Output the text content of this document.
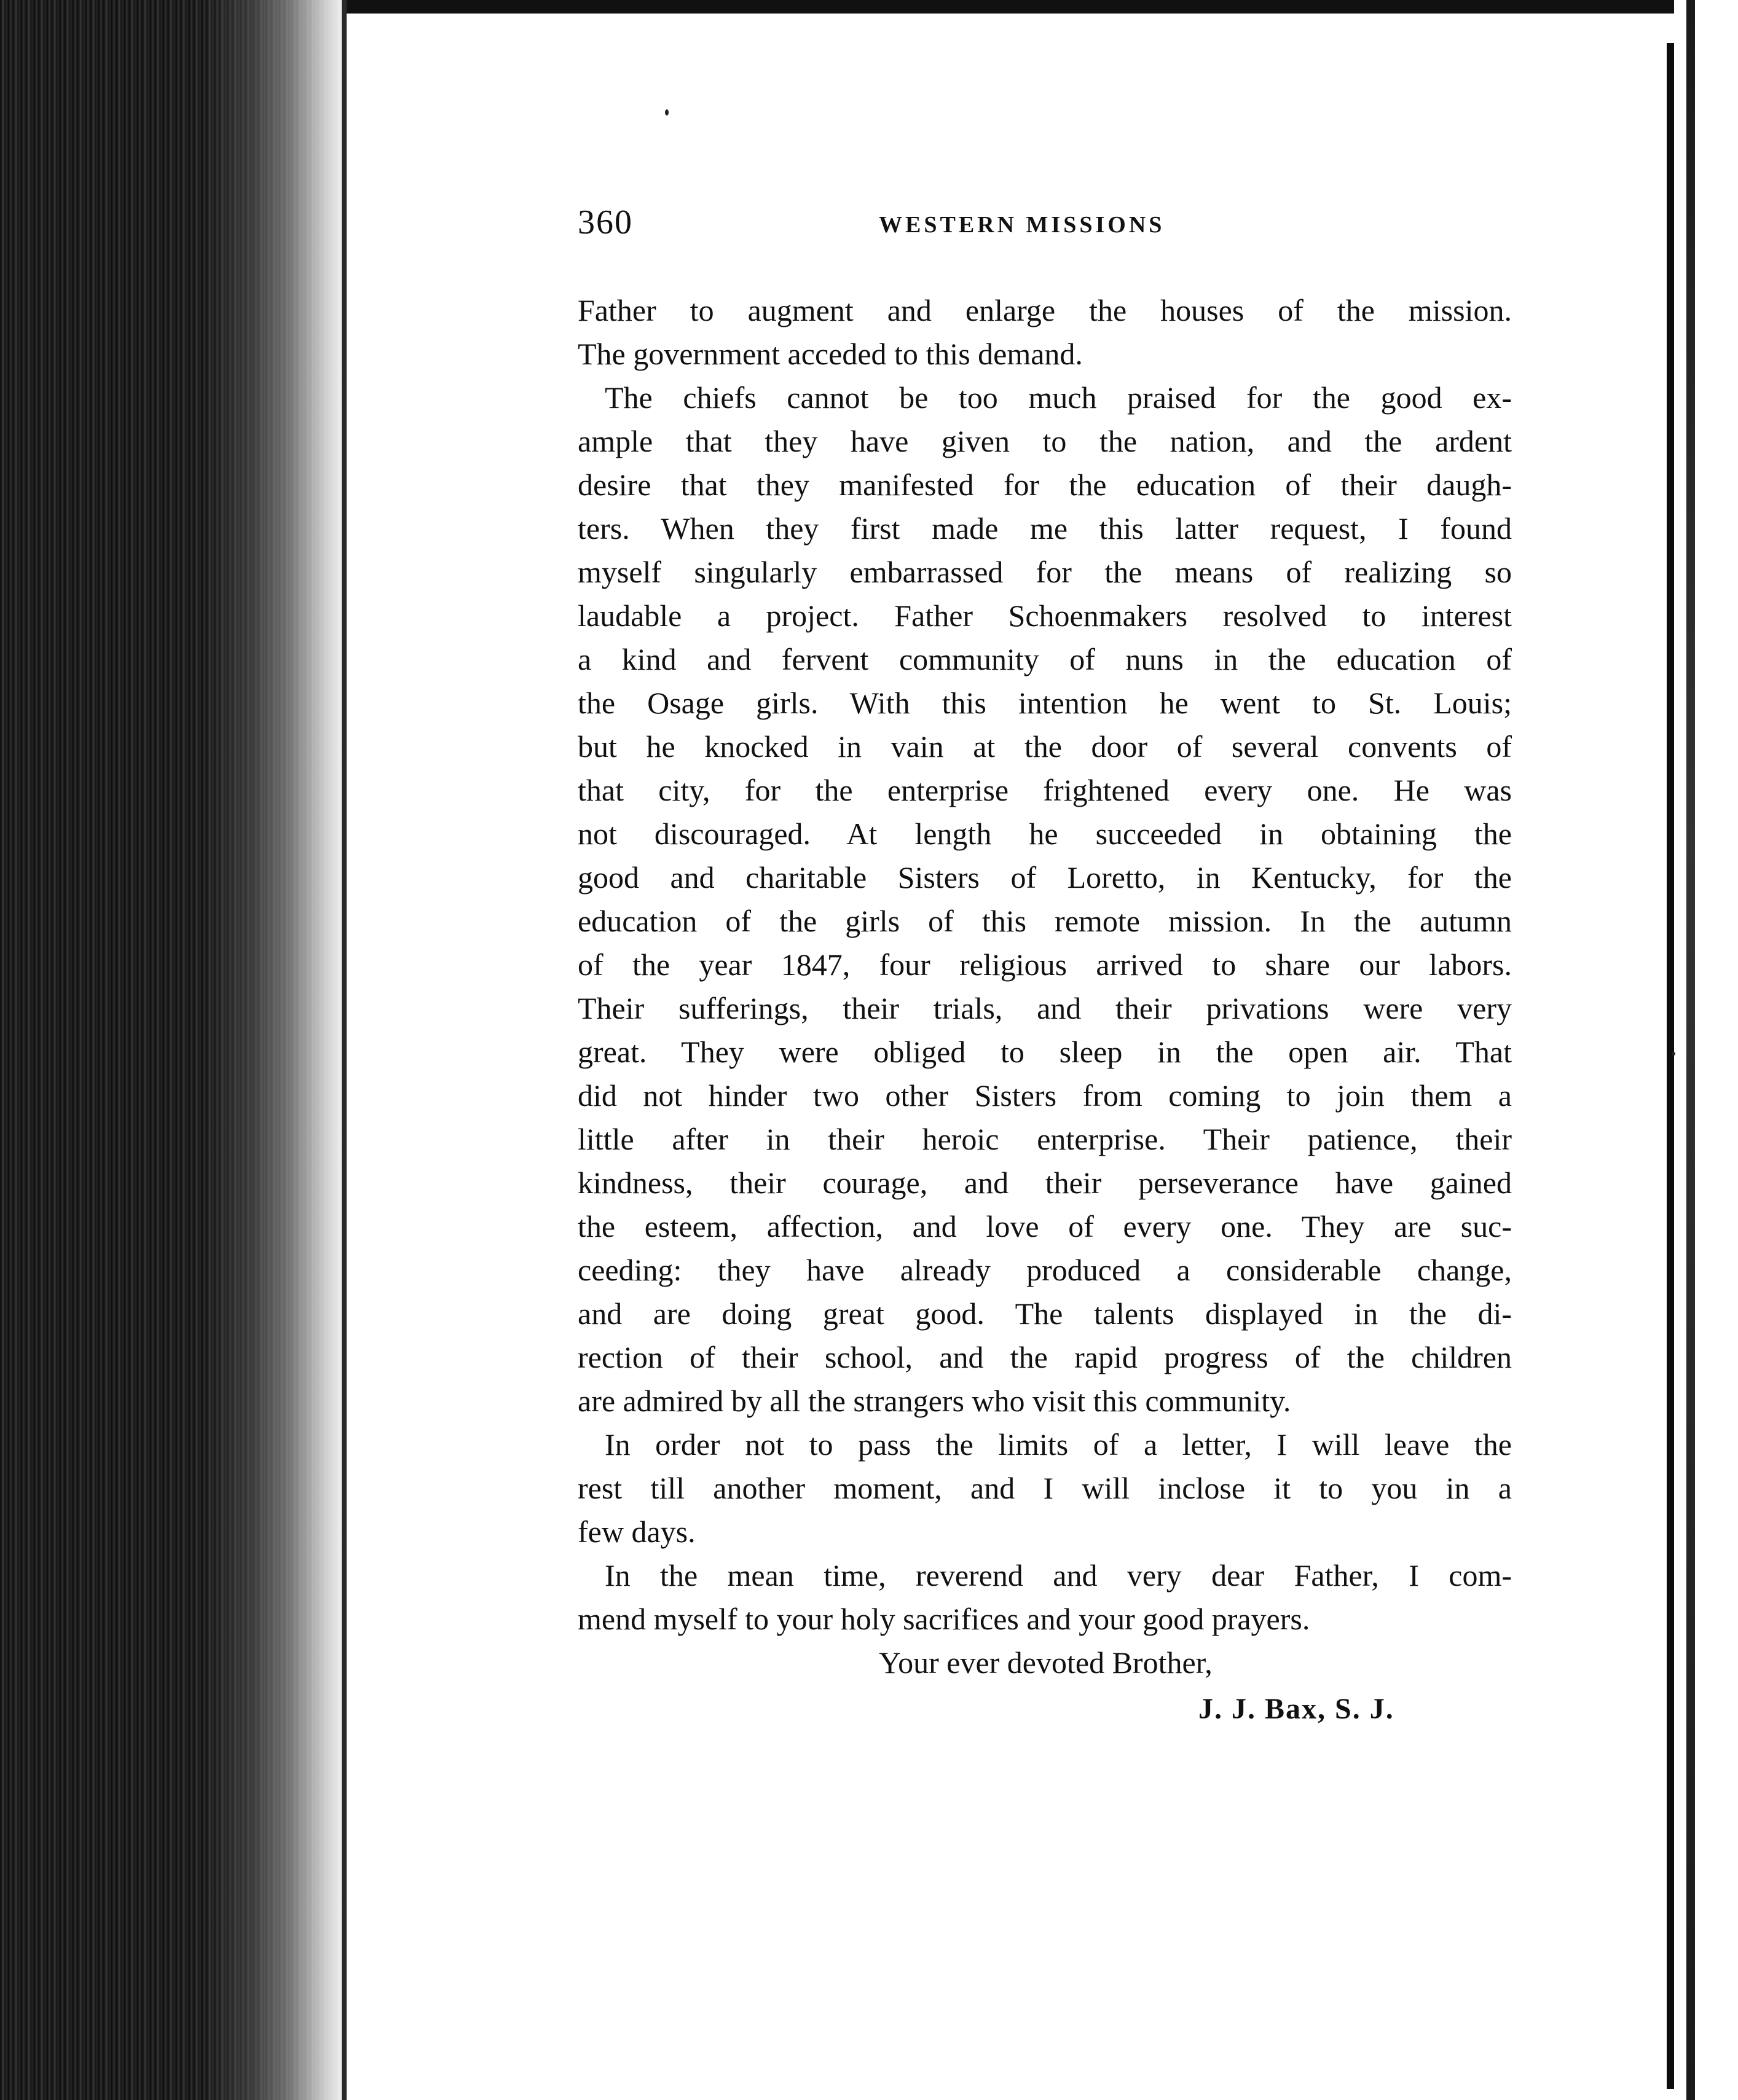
360	WESTERN MISSIONS

Father to augment and enlarge the houses of the mission.
The government acceded to this demand.

The chiefs cannot be too much praised for the good ex-
ample that they have given to the nation, and the ardent
desire that they manifested for the education of their daugh-
ters. When they first made me this latter request, I found
myself singularly embarrassed for the means of realizing so
laudable a project. Father Schoenmakers resolved to interest
a kind and fervent community of nuns in the education of
the Osage girls. With this intention he went to St. Louis;
but he knocked in vain at the door of several convents of
that city, for the enterprise frightened every one. He was
not discouraged. At length he succeeded in obtaining the
good and charitable Sisters of Loretto, in Kentucky, for the
education of the girls of this remote mission. In the autumn
of the year 1847, four religious arrived to share our labors.
Their sufferings, their trials, and their privations were very
great. They were obliged to sleep in the open air. That
did not hinder two other Sisters from coming to join them a
little after in their heroic enterprise. Their patience, their
kindness, their courage, and their perseverance have gained
the esteem, affection, and love of every one. They are suc-
ceeding: they have already produced a considerable change,
and are doing great good. The talents displayed in the di-
rection of their school, and the rapid progress of the children
are admired by all the strangers who visit this community.

In order not to pass the limits of a letter, I will leave the
rest till another moment, and I will inclose it to you in a
few days.

In the mean time, reverend and very dear Father, I com-
mend myself to your holy sacrifices and your good prayers.

Your ever devoted Brother,
J. J. Bax, S. J.
